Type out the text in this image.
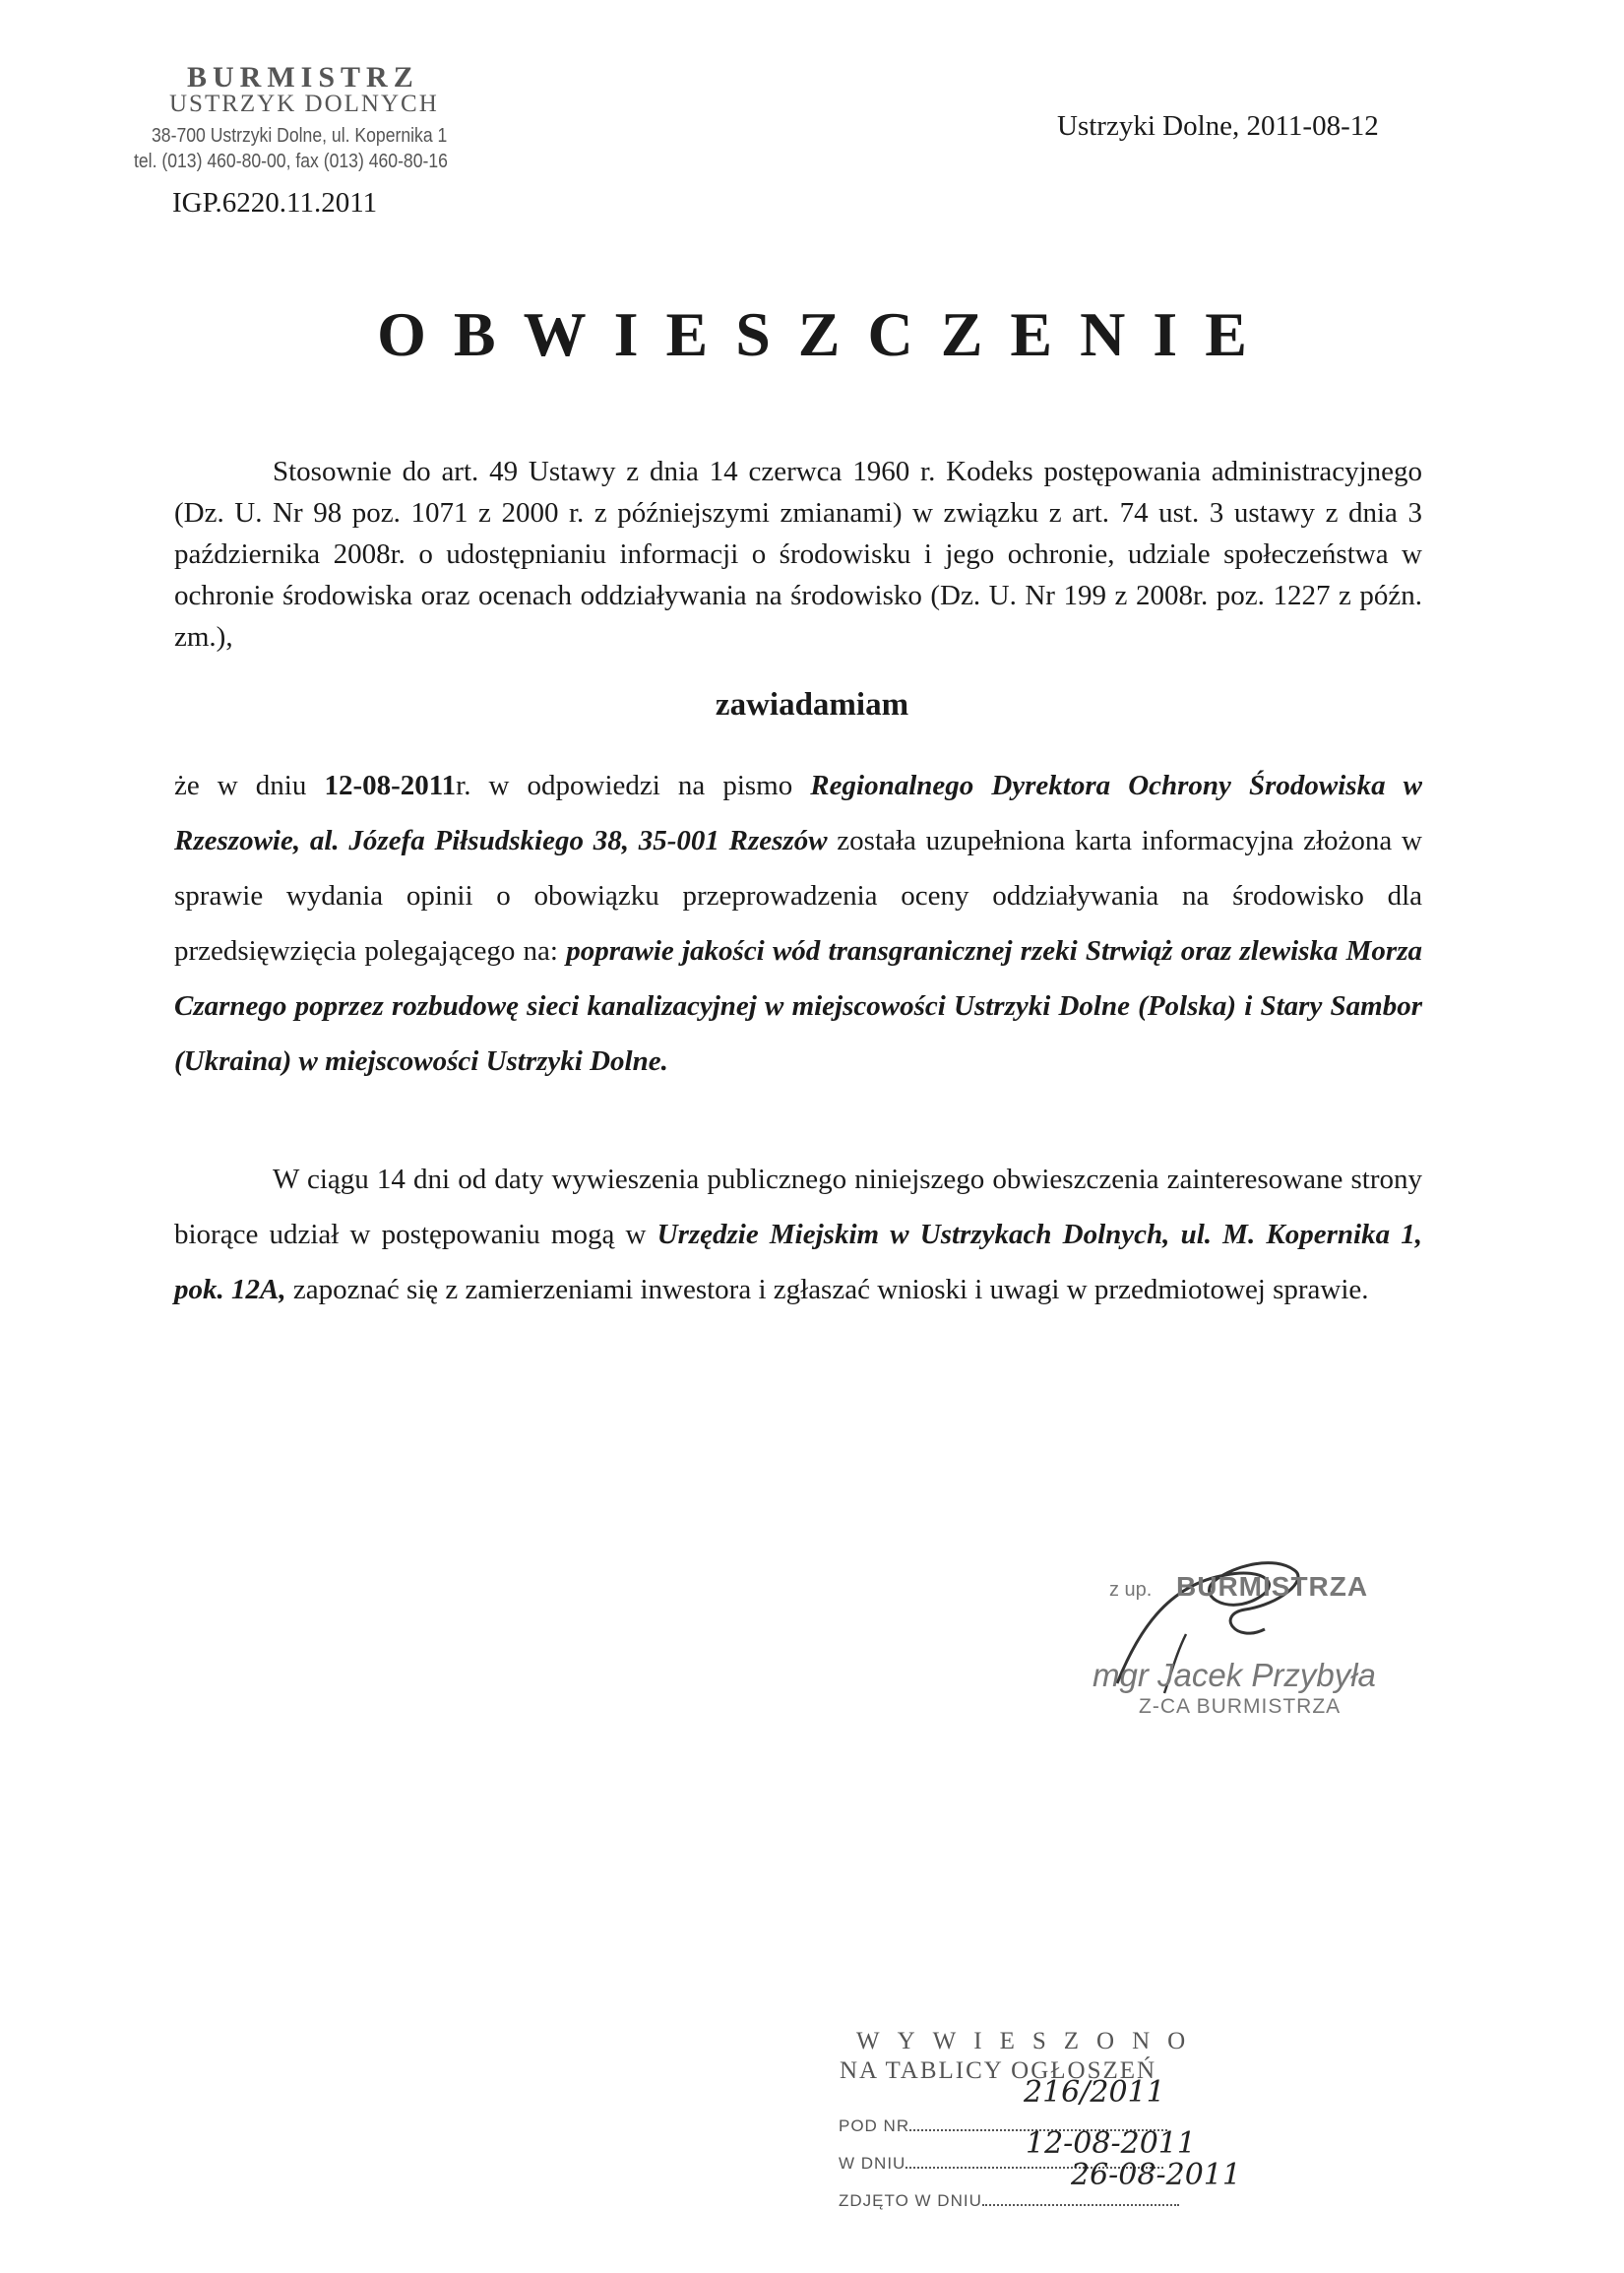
BURMISTRZ
USTRZYK DOLNYCH
38-700 Ustrzyki Dolne, ul. Kopernika 1
tel. (013) 460-80-00, fax (013) 460-80-16
IGP.6220.11.2011
Ustrzyki Dolne, 2011-08-12
OBWIESZCZENIE
Stosownie do art. 49 Ustawy z dnia 14 czerwca 1960 r. Kodeks postępowania administracyjnego (Dz. U. Nr 98 poz. 1071 z 2000 r. z późniejszymi zmianami) w związku z art. 74 ust. 3 ustawy z dnia 3 października 2008r. o udostępnianiu informacji o środowisku i jego ochronie, udziale społeczeństwa w ochronie środowiska oraz ocenach oddziaływania na środowisko (Dz. U. Nr 199 z 2008r. poz. 1227 z późn. zm.),
zawiadamiam
że w dniu 12-08-2011r. w odpowiedzi na pismo Regionalnego Dyrektora Ochrony Środowiska w Rzeszowie, al. Józefa Piłsudskiego 38, 35-001 Rzeszów została uzupełniona karta informacyjna złożona w sprawie wydania opinii o obowiązku przeprowadzenia oceny oddziaływania na środowisko dla przedsięwzięcia polegającego na: poprawie jakości wód transgranicznej rzeki Strwiąż oraz zlewiska Morza Czarnego poprzez rozbudowę sieci kanalizacyjnej w miejscowości Ustrzyki Dolne (Polska) i Stary Sambor (Ukraina) w miejscowości Ustrzyki Dolne.
W ciągu 14 dni od daty wywieszenia publicznego niniejszego obwieszczenia zainteresowane strony biorące udział w postępowaniu mogą w Urzędzie Miejskim w Ustrzykach Dolnych, ul. M. Kopernika 1, pok. 12A, zapoznać się z zamierzeniami inwestora i zgłaszać wnioski i uwagi w przedmiotowej sprawie.
z up. BURMISTRZA
mgr Jacek Przybyła
Z-CA BURMISTRZA
WYWIESZONO
NA TABLICY OGŁOSZEŃ
POD NR
W DNIU
ZDJĘTO W DNIU
216/2011
12-08-2011
26-08-2011
